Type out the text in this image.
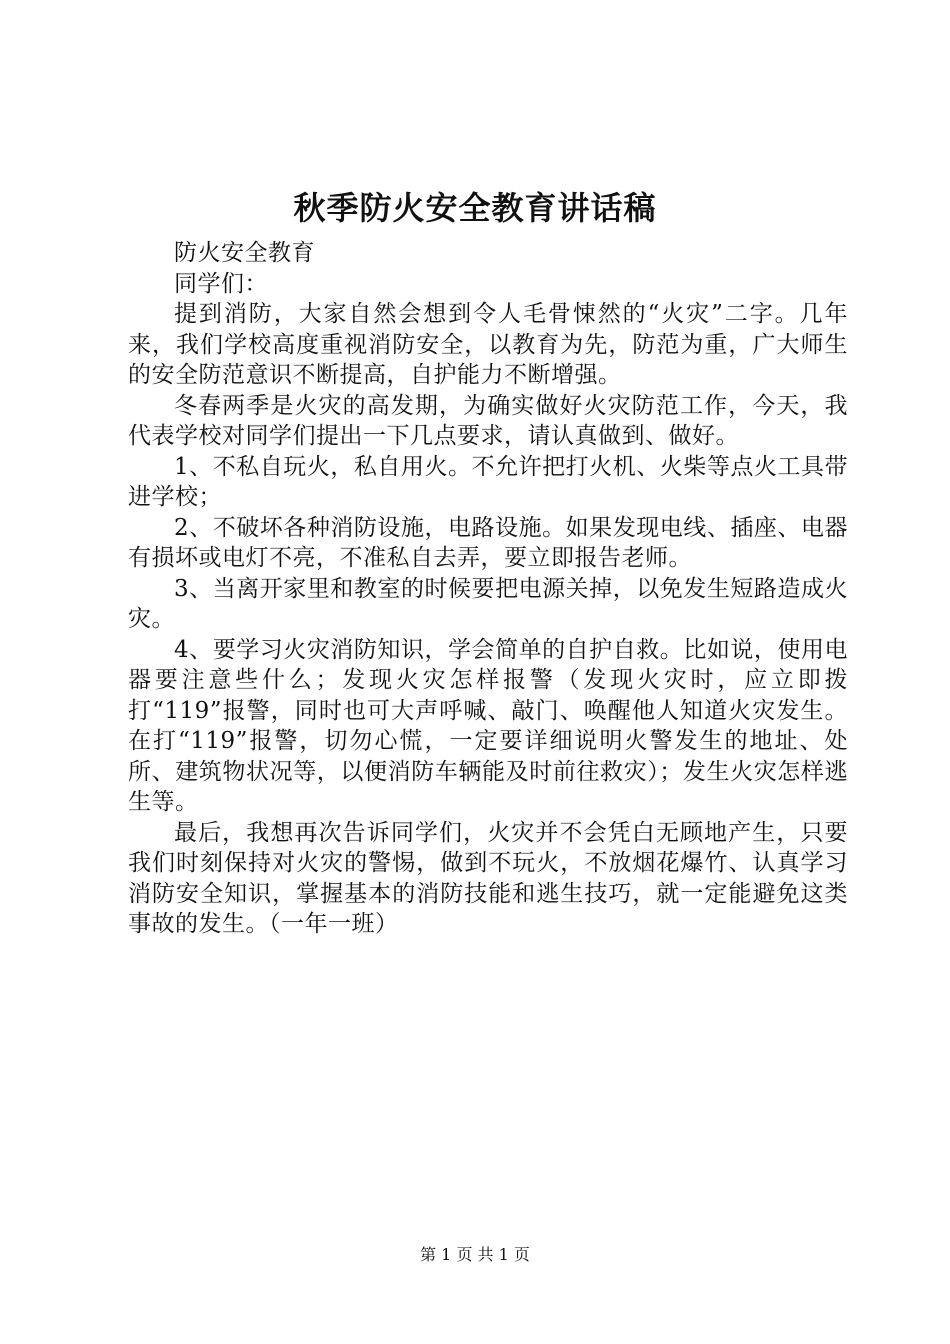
秋季防火安全教育讲话稿

防火安全教育

同学们：

提到消防，大家自然会想到令人毛骨悚然的“火灾”二字。几年来，我们学校高度重视消防安全，以教育为先，防范为重，广大师生的安全防范意识不断提高，自护能力不断增强。

冬春两季是火灾的高发期，为确实做好火灾防范工作，今天，我代表学校对同学们提出一下几点要求，请认真做到、做好。

1、不私自玩火，私自用火。不允许把打火机、火柴等点火工具带进学校；

2、不破坏各种消防设施，电路设施。如果发现电线、插座、电器有损坏或电灯不亮，不准私自去弄，要立即报告老师。

3、当离开家里和教室的时候要把电源关掉，以免发生短路造成火灾。

4、要学习火灾消防知识，学会简单的自护自救。比如说，使用电器要注意些什么；发现火灾怎样报警（发现火灾时，应立即拨打“119”报警，同时也可大声呼喊、敲门、唤醒他人知道火灾发生。在打“119”报警，切勿心慌，一定要详细说明火警发生的地址、处所、建筑物状况等，以便消防车辆能及时前往救灾）；发生火灾怎样逃生等。

最后，我想再次告诉同学们，火灾并不会凭白无顾地产生，只要我们时刻保持对火灾的警惕，做到不玩火，不放烟花爆竹、认真学习消防安全知识，掌握基本的消防技能和逃生技巧，就一定能避免这类事故的发生。（一年一班）

第 1 页 共 1 页
